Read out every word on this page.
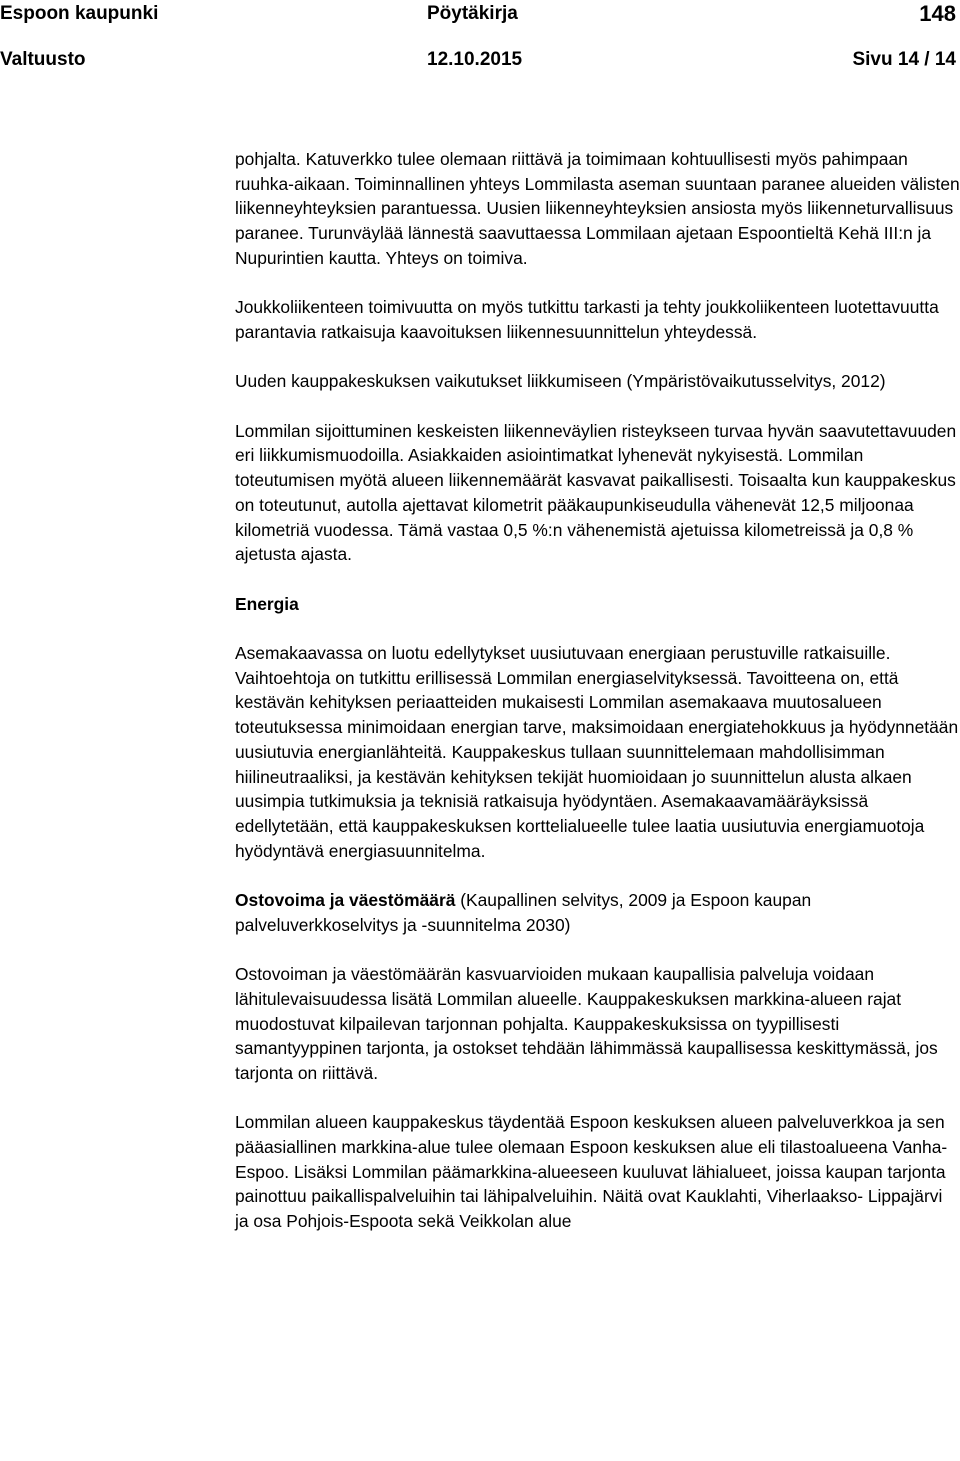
Espoon kaupunki	Pöytäkirja	148
Valtuusto	12.10.2015	Sivu 14 / 14

pohjalta. Katuverkko tulee olemaan riittävä ja toimimaan kohtuullisesti myös pahimpaan ruuhka-aikaan. Toiminnallinen yhteys Lommilasta aseman suuntaan paranee alueiden välisten liikenneyhteyksien parantuessa. Uusien liikenneyhteyksien ansiosta myös liikenneturvallisuus paranee. Turunväylää lännestä saavuttaessa Lommilaan ajetaan Espoontieltä Kehä III:n ja Nupurintien kautta. Yhteys on toimiva.

Joukkoliikenteen toimivuutta on myös tutkittu tarkasti ja tehty joukkoliikenteen luotettavuutta parantavia ratkaisuja kaavoituksen liikennesuunnittelun yhteydessä.

Uuden kauppakeskuksen vaikutukset liikkumiseen (Ympäristövaikutusselvitys, 2012)

Lommilan sijoittuminen keskeisten liikenneväylien risteykseen turvaa hyvän saavutettavuuden eri liikkumismuodoilla. Asiakkaiden asiointimatkat lyhenevät nykyisestä. Lommilan toteutumisen myötä alueen liikennemäärät kasvavat paikallisesti. Toisaalta kun kauppakeskus on toteutunut, autolla ajettavat kilometrit pääkaupunkiseudulla vähenevät 12,5 miljoonaa kilometriä vuodessa. Tämä vastaa 0,5 %:n vähenemistä ajetuissa kilometreissä ja 0,8 % ajetusta ajasta.

Energia

Asemakaavassa on luotu edellytykset uusiutuvaan energiaan perustuville ratkaisuille. Vaihtoehtoja on tutkittu erillisessä Lommilan energiaselvityksessä. Tavoitteena on, että kestävän kehityksen periaatteiden mukaisesti Lommilan asemakaava muutosalueen toteutuksessa minimoidaan energian tarve, maksimoidaan energiatehokkuus ja hyödynnetään uusiutuvia energianlähteitä. Kauppakeskus tullaan suunnittelemaan mahdollisimman hiilineutraaliksi, ja kestävän kehityksen tekijät huomioidaan jo suunnittelun alusta alkaen uusimpia tutkimuksia ja teknisiä ratkaisuja hyödyntäen. Asemakaavamääräyksissä edellytetään, että kauppakeskuksen korttelialueelle tulee laatia uusiutuvia energiamuotoja hyödyntävä energiasuunnitelma.

Ostovoima ja väestömäärä (Kaupallinen selvitys, 2009 ja Espoon kaupan palveluverkkoselvitys ja -suunnitelma 2030)

Ostovoiman ja väestömäärän kasvuarvioiden mukaan kaupallisia palveluja voidaan lähitulevaisuudessa lisätä Lommilan alueelle. Kauppakeskuksen markkina-alueen rajat muodostuvat kilpailevan tarjonnan pohjalta. Kauppakeskuksissa on tyypillisesti samantyyppinen tarjonta, ja ostokset tehdään lähimmässä kaupallisessa keskittymässä, jos tarjonta on riittävä.

Lommilan alueen kauppakeskus täydentää Espoon keskuksen alueen palveluverkkoa ja sen pääasiallinen markkina-alue tulee olemaan Espoon keskuksen alue eli tilastoalueena Vanha- Espoo. Lisäksi Lommilan päämarkkina-alueeseen kuuluvat lähialueet, joissa kaupan tarjonta painottuu paikallispalveluihin tai lähipalveluihin. Näitä ovat Kauklahti, Viherlaakso- Lippajärvi ja osa Pohjois-Espoota sekä Veikkolan alue
